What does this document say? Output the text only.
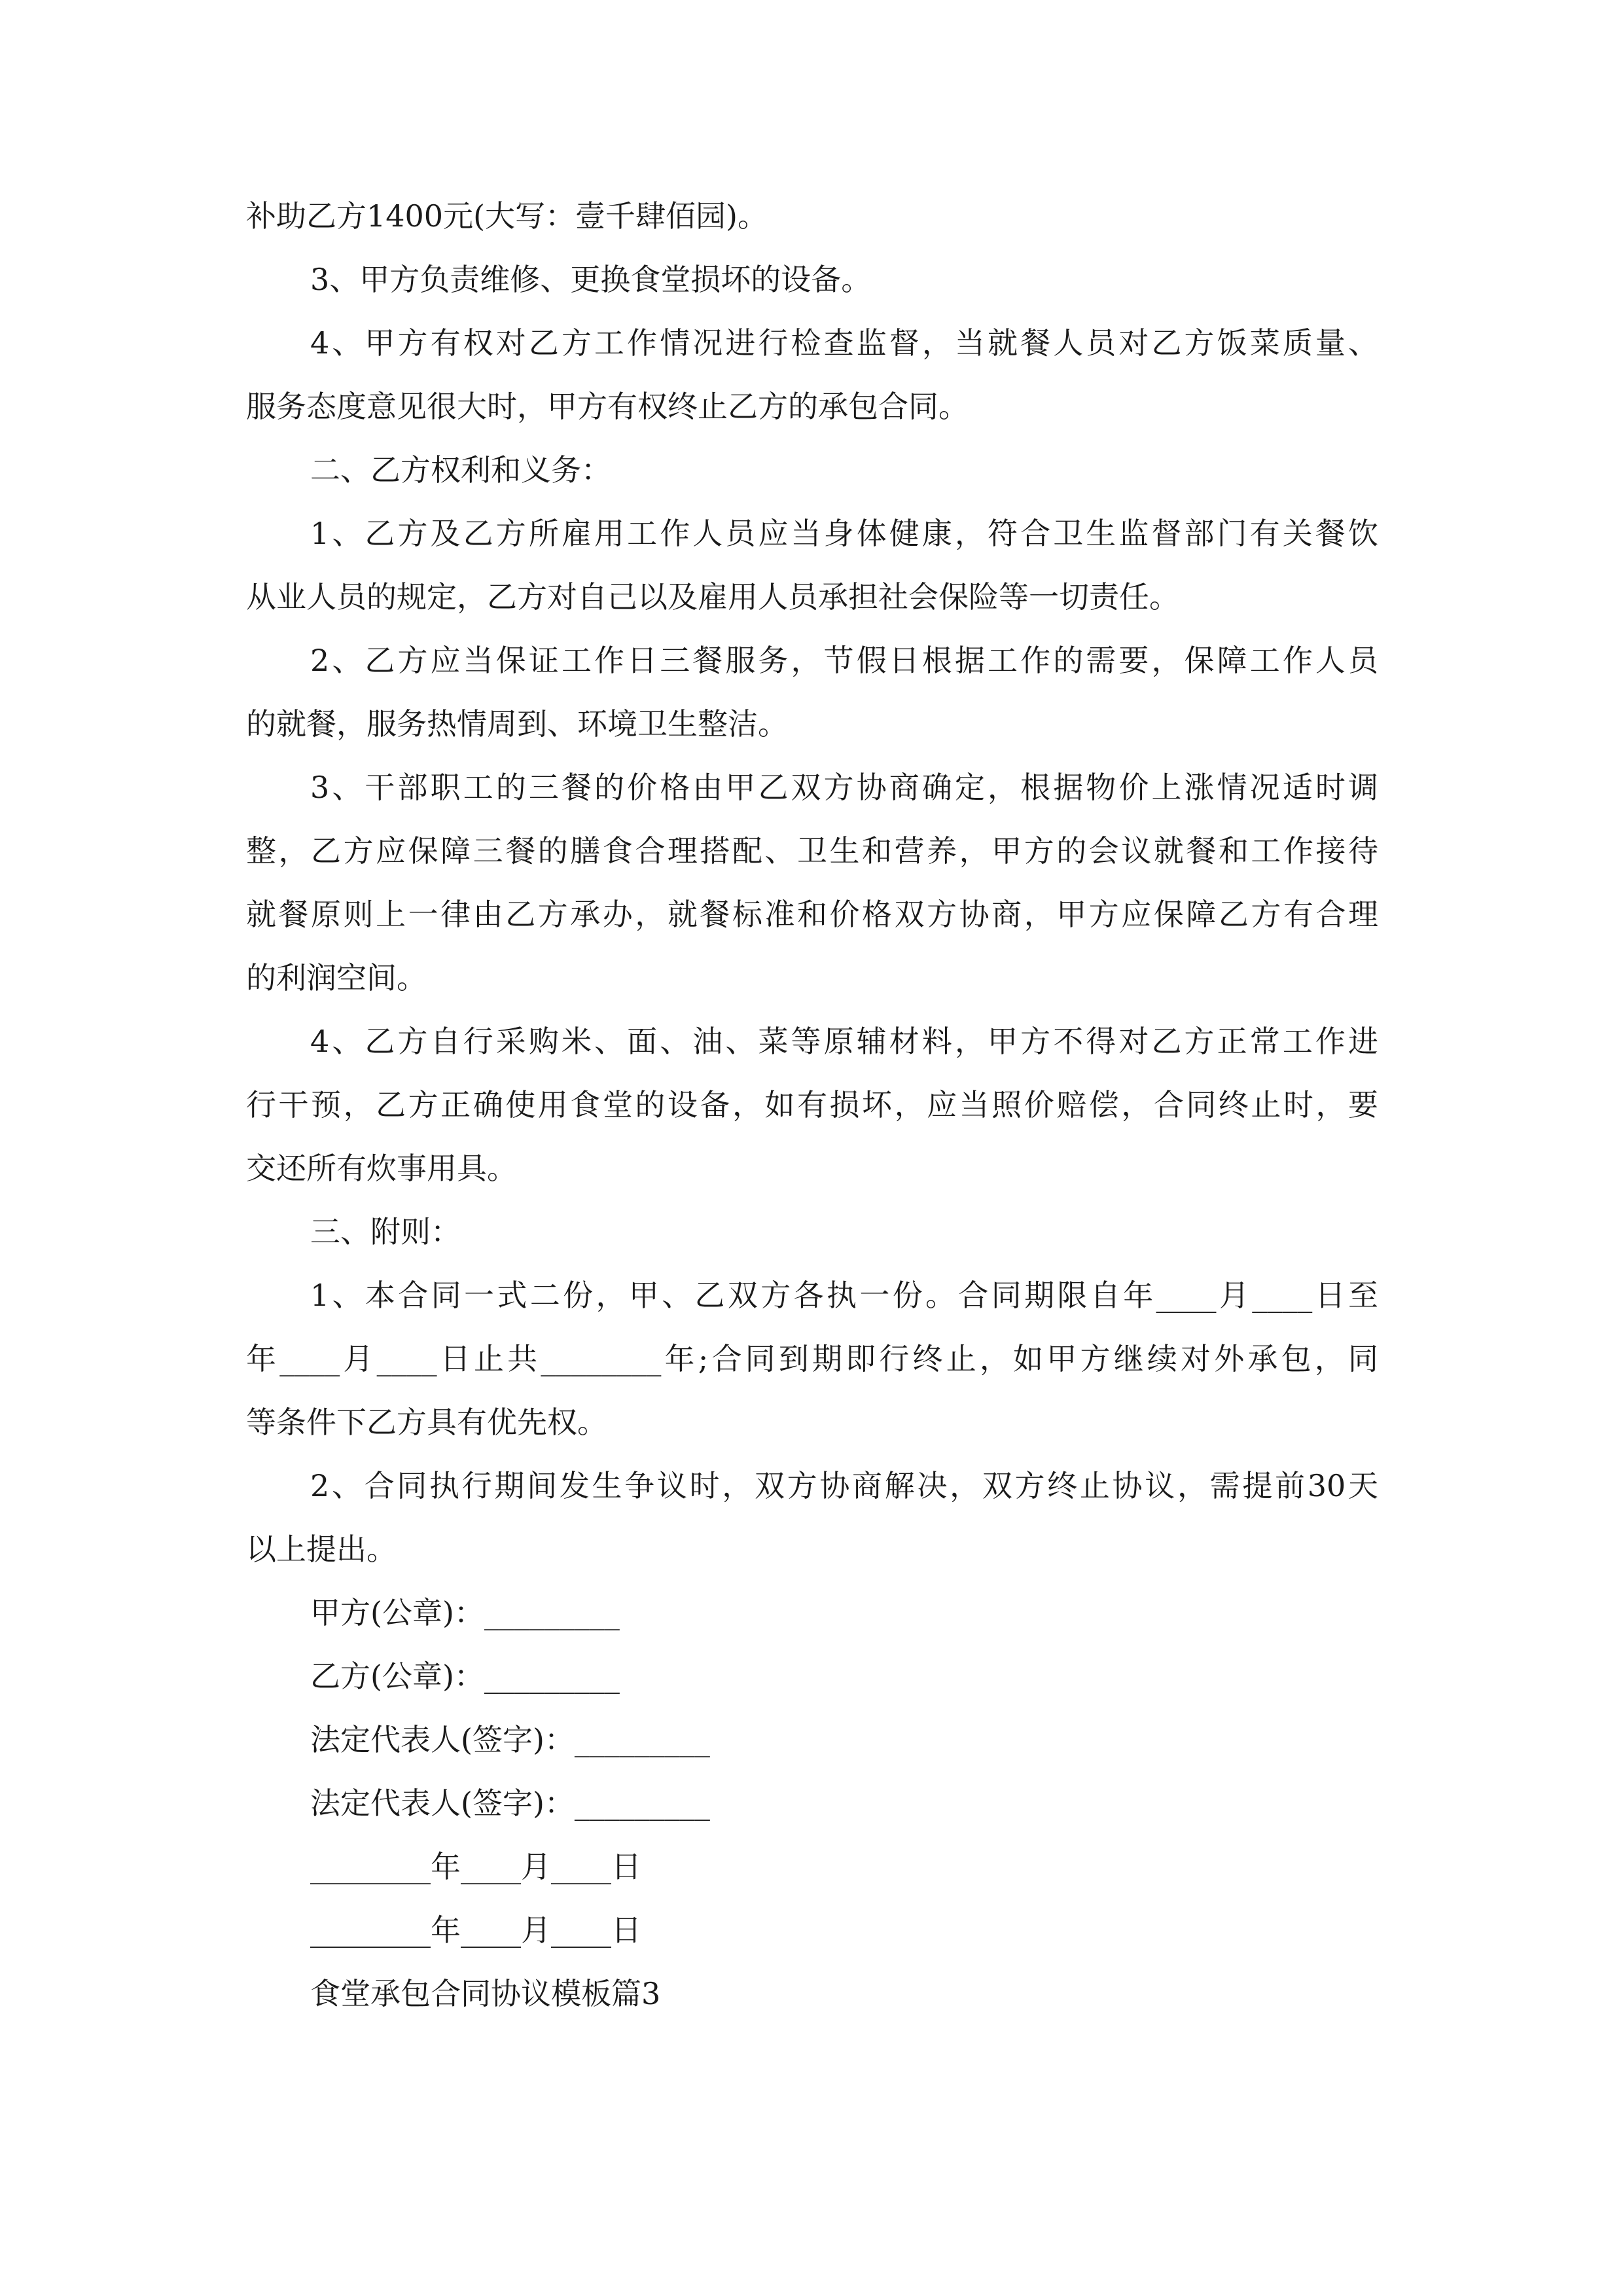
补助乙方1400元(大写：壹千肆佰园)。
3、甲方负责维修、更换食堂损坏的设备。
4、甲方有权对乙方工作情况进行检查监督，当就餐人员对乙方饭菜质量、
服务态度意见很大时，甲方有权终止乙方的承包合同。
二、乙方权利和义务：
1、乙方及乙方所雇用工作人员应当身体健康，符合卫生监督部门有关餐饮
从业人员的规定，乙方对自己以及雇用人员承担社会保险等一切责任。
2、乙方应当保证工作日三餐服务，节假日根据工作的需要，保障工作人员
的就餐，服务热情周到、环境卫生整洁。
3、干部职工的三餐的价格由甲乙双方协商确定，根据物价上涨情况适时调
整，乙方应保障三餐的膳食合理搭配、卫生和营养，甲方的会议就餐和工作接待
就餐原则上一律由乙方承办，就餐标准和价格双方协商，甲方应保障乙方有合理
的利润空间。
4、乙方自行采购米、面、油、菜等原辅材料，甲方不得对乙方正常工作进
行干预，乙方正确使用食堂的设备，如有损坏，应当照价赔偿，合同终止时，要
交还所有炊事用具。
三、附则：
1、本合同一式二份，甲、乙双方各执一份。合同期限自年____月____日至
年____月____日止共________年;合同到期即行终止，如甲方继续对外承包，同
等条件下乙方具有优先权。
2、合同执行期间发生争议时，双方协商解决，双方终止协议，需提前30天
以上提出。
甲方(公章)：_________
乙方(公章)：_________
法定代表人(签字)：_________
法定代表人(签字)：_________
________年____月____日
________年____月____日
食堂承包合同协议模板篇3
